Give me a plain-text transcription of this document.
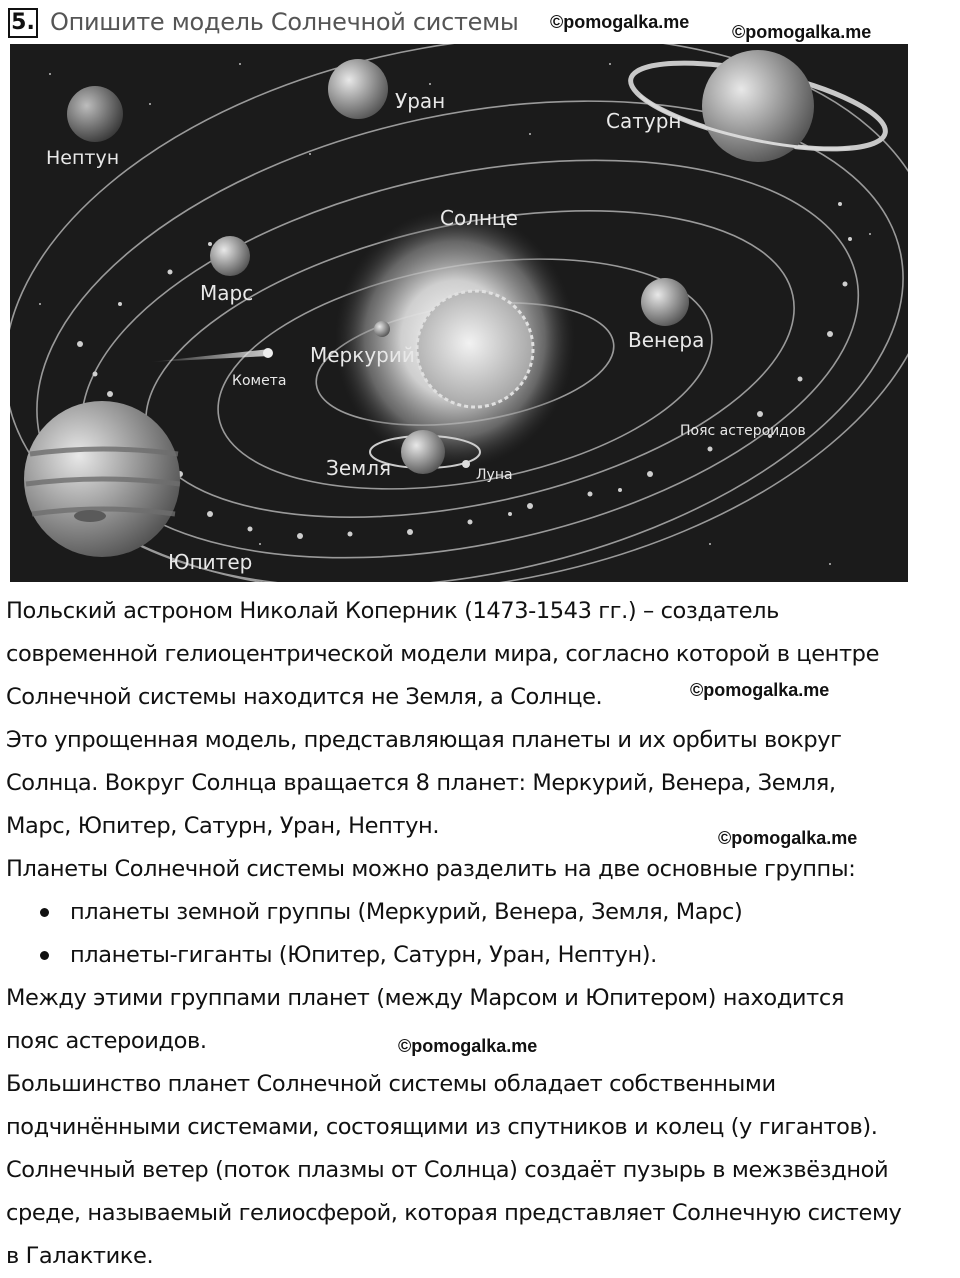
5. Опишите модель Солнечной системы ©pomogalka.me ©pomogalka.me
Нептун
Уран
Сатурн
Солнце
Марс
Меркурий
Венера
Комета
Пояс астероидов
Земля	Луна
Юпитер

Польский астроном Николай Коперник (1473-1543 гг.) – создатель

современной гелиоцентрической модели мира, согласно которой в центре

Солнечной системы находится не Земля, а Солнце.

Это упрощенная модель, представляющая планеты и их орбиты вокруг

Солнца. Вокруг Солнца вращается 8 планет: Меркурий, Венера, Земля,

Марс, Юпитер, Сатурн, Уран, Нептун.

Планеты Солнечной системы можно разделить на две основные группы:

планеты земной группы (Меркурий, Венера, Земля, Марс)
планеты-гиганты (Юпитер, Сатурн, Уран, Нептун).

Между этими группами планет (между Марсом и Юпитером) находится

пояс астероидов.

Большинство планет Солнечной системы обладает собственными

подчинёнными системами, состоящими из спутников и колец (у гигантов).

Солнечный ветер (поток плазмы от Солнца) создаёт пузырь в межзвёздной

среде, называемый гелиосферой, которая представляет Солнечную систему

в Галактике.

©pomogalka.me
©pomogalka.me
©pomogalka.me
